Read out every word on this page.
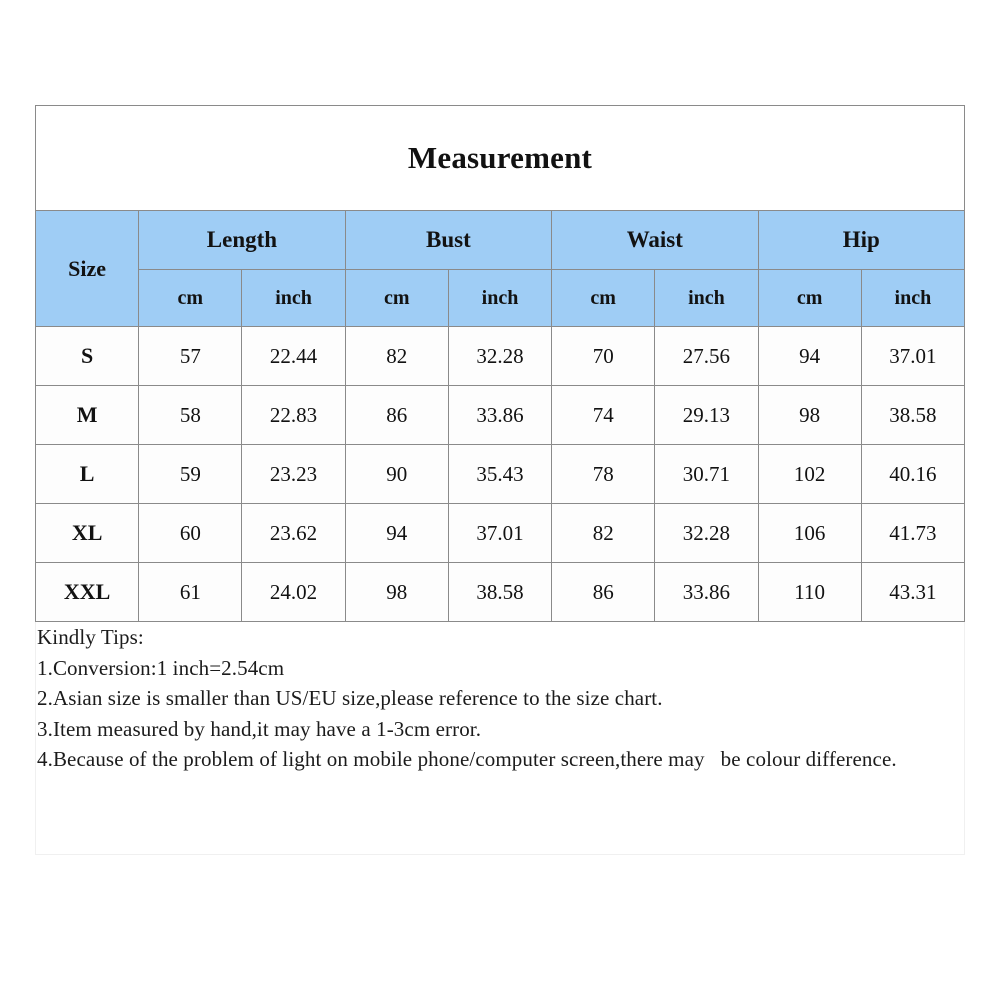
Measurement								
Size	Length		Bust		Waist		Hip	
	cm	inch	cm	inch	cm	inch	cm	inch
S	57	22.44	82	32.28	70	27.56	94	37.01
M	58	22.83	86	33.86	74	29.13	98	38.58
L	59	23.23	90	35.43	78	30.71	102	40.16
XL	60	23.62	94	37.01	82	32.28	106	41.73
XXL	61	24.02	98	38.58	86	33.86	110	43.31
Kindly Tips:
1.Conversion:1 inch=2.54cm
2.Asian size is smaller than US/EU size,please reference to the size chart.
3.Item measured by hand,it may have a 1-3cm error.
4.Because of the problem of light on mobile phone/computer screen,there may   be colour difference.
